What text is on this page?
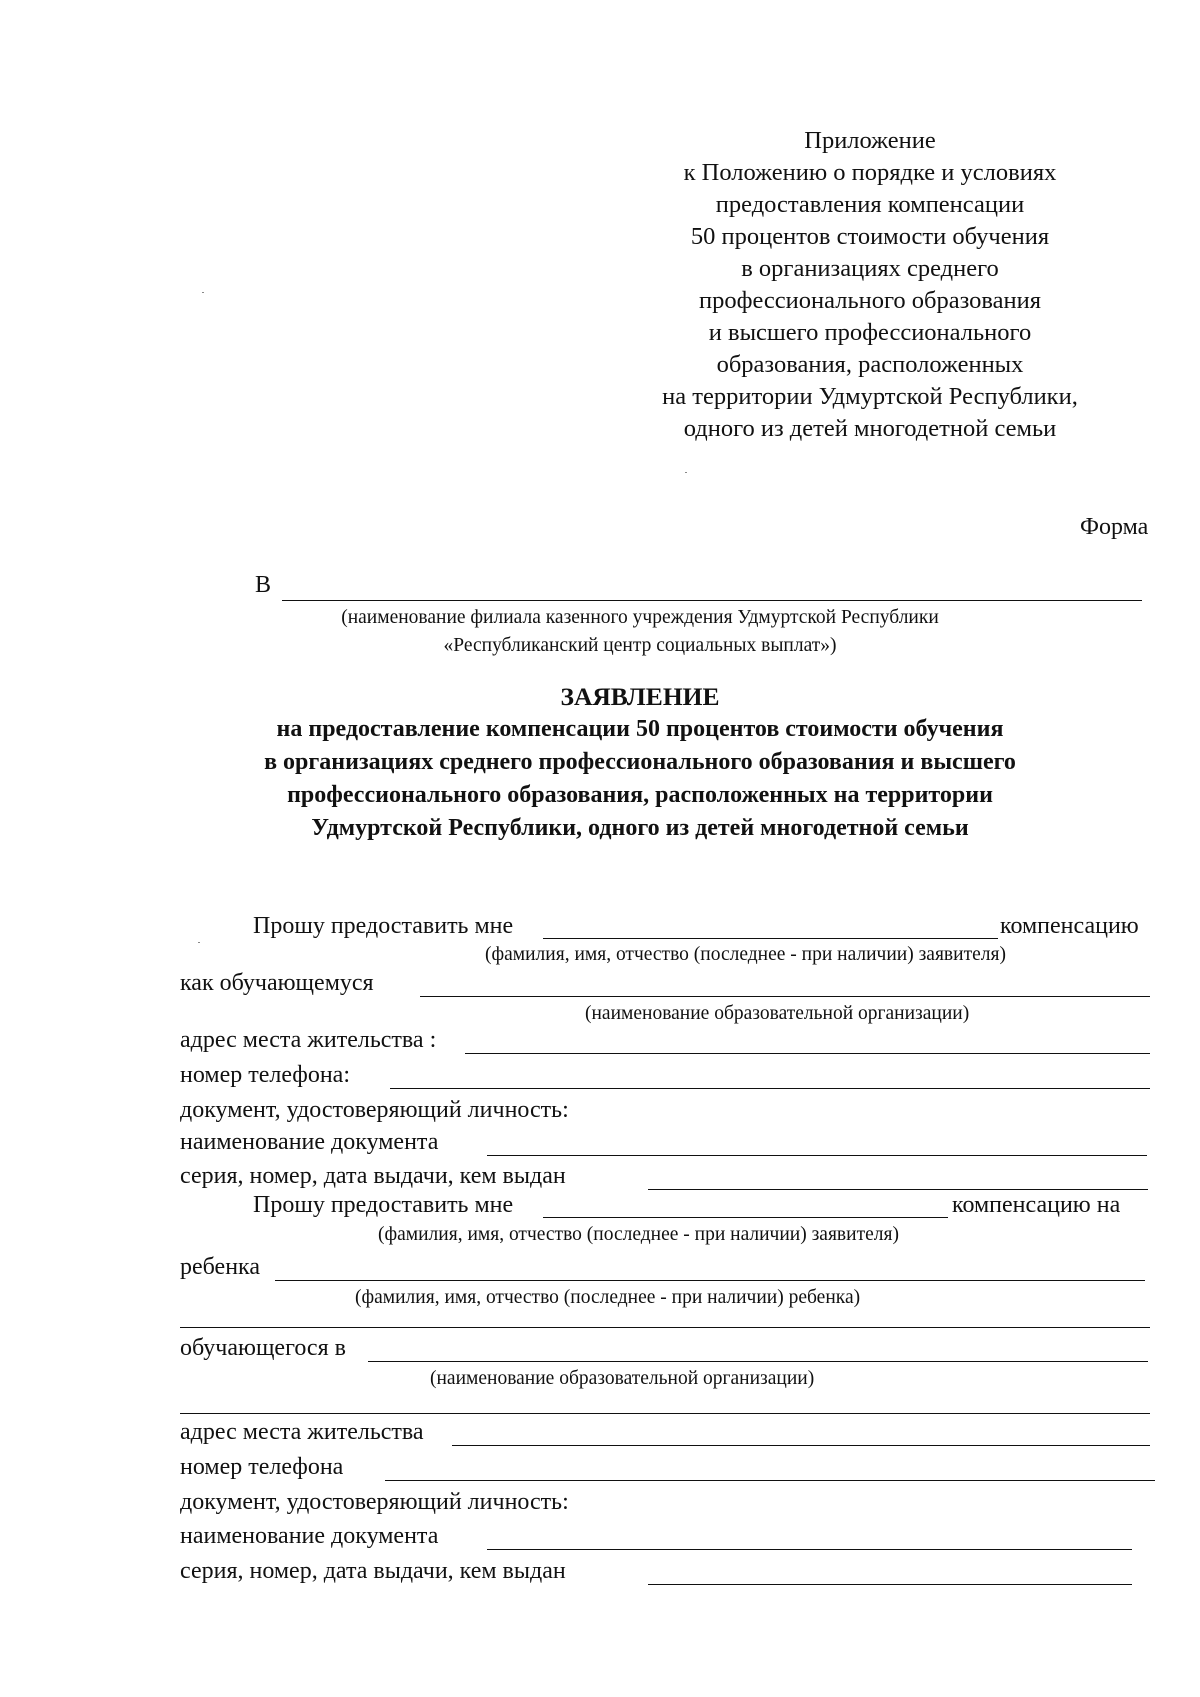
Приложение
к Положению о порядке и условиях
предоставления компенсации
50 процентов стоимости обучения
в организациях среднего
профессионального образования
и высшего профессионального
образования, расположенных
на территории Удмуртской Республики,
одного из детей многодетной семьи
Форма
В
(наименование филиала казенного учреждения Удмуртской Республики
«Республиканский центр социальных выплат»)
ЗАЯВЛЕНИЕ
на предоставление компенсации 50 процентов стоимости обучения
в организациях среднего профессионального образования и высшего
профессионального образования, расположенных на территории
Удмуртской Республики, одного из детей многодетной семьи
Прошу предоставить мне	компенсацию
(фамилия, имя, отчество (последнее - при наличии) заявителя)
как обучающемуся
(наименование образовательной организации)
адрес места жительства :
номер телефона:
документ, удостоверяющий личность:
наименование документа
серия, номер, дата выдачи, кем выдан
Прошу предоставить мне	компенсацию на
(фамилия, имя, отчество (последнее - при наличии) заявителя)
ребенка
(фамилия, имя, отчество (последнее - при наличии) ребенка)
обучающегося в
(наименование образовательной организации)
адрес места жительства
номер телефона
документ, удостоверяющий личность:
наименование документа
серия, номер, дата выдачи, кем выдан
